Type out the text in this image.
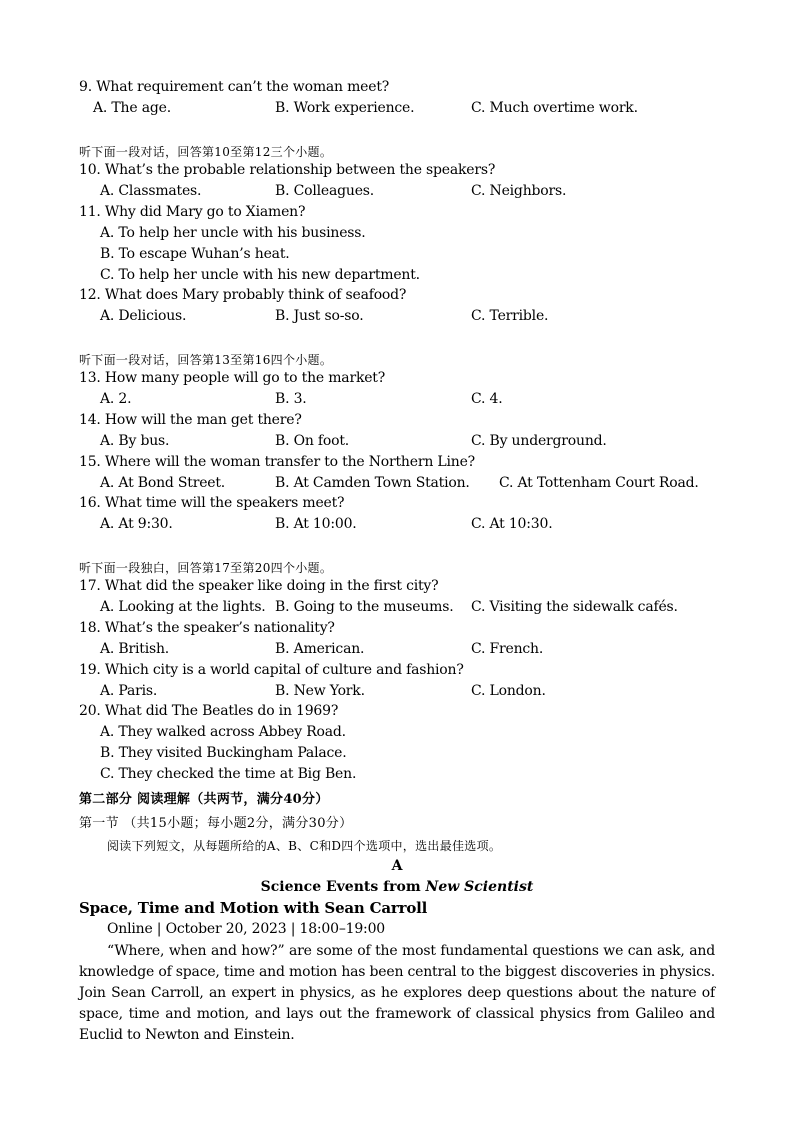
9. What requirement can’t the woman meet?
A. The age.	B. Work experience.	C. Much overtime work.
听下面一段对话，回答第10至第12三个小题。
10. What’s the probable relationship between the speakers?
A. Classmates.	B. Colleagues.	C. Neighbors.
11. Why did Mary go to Xiamen?
A. To help her uncle with his business.
B. To escape Wuhan’s heat.
C. To help her uncle with his new department.
12. What does Mary probably think of seafood?
A. Delicious.	B. Just so-so.	C. Terrible.
听下面一段对话，回答第13至第16四个小题。
13. How many people will go to the market?
A. 2.	B. 3.	C. 4.
14. How will the man get there?
A. By bus.	B. On foot.	C. By underground.
15. Where will the woman transfer to the Northern Line?
A. At Bond Street.	B. At Camden Town Station. C. At Tottenham Court Road.
16. What time will the speakers meet?
A. At 9:30.	B. At 10:00.	C. At 10:30.
听下面一段独白，回答第17至第20四个小题。
17. What did the speaker like doing in the first city?
A. Looking at the lights. B. Going to the museums. C. Visiting the sidewalk cafés.
18. What’s the speaker’s nationality?
A. British.	B. American.	C. French.
19. Which city is a world capital of culture and fashion?
A. Paris.	B. New York.	C. London.
20. What did The Beatles do in 1969?
A. They walked across Abbey Road.
B. They visited Buckingham Palace.
C. They checked the time at Big Ben.
第二部分 阅读理解（共两节，满分40分）
第一节 （共15小题；每小题2分，满分30分）
阅读下列短文，从每题所给的A、B、C和D四个选项中，选出最佳选项。
A
Science Events from New Scientist
Space, Time and Motion with Sean Carroll
Online | October 20, 2023 | 18:00–19:00
“Where, when and how?” are some of the most fundamental questions we can ask, and knowledge of space, time and motion has been central to the biggest discoveries in physics. Join Sean Carroll, an expert in physics, as he explores deep questions about the nature of space, time and motion, and lays out the framework of classical physics from Galileo and Euclid to Newton and Einstein.
